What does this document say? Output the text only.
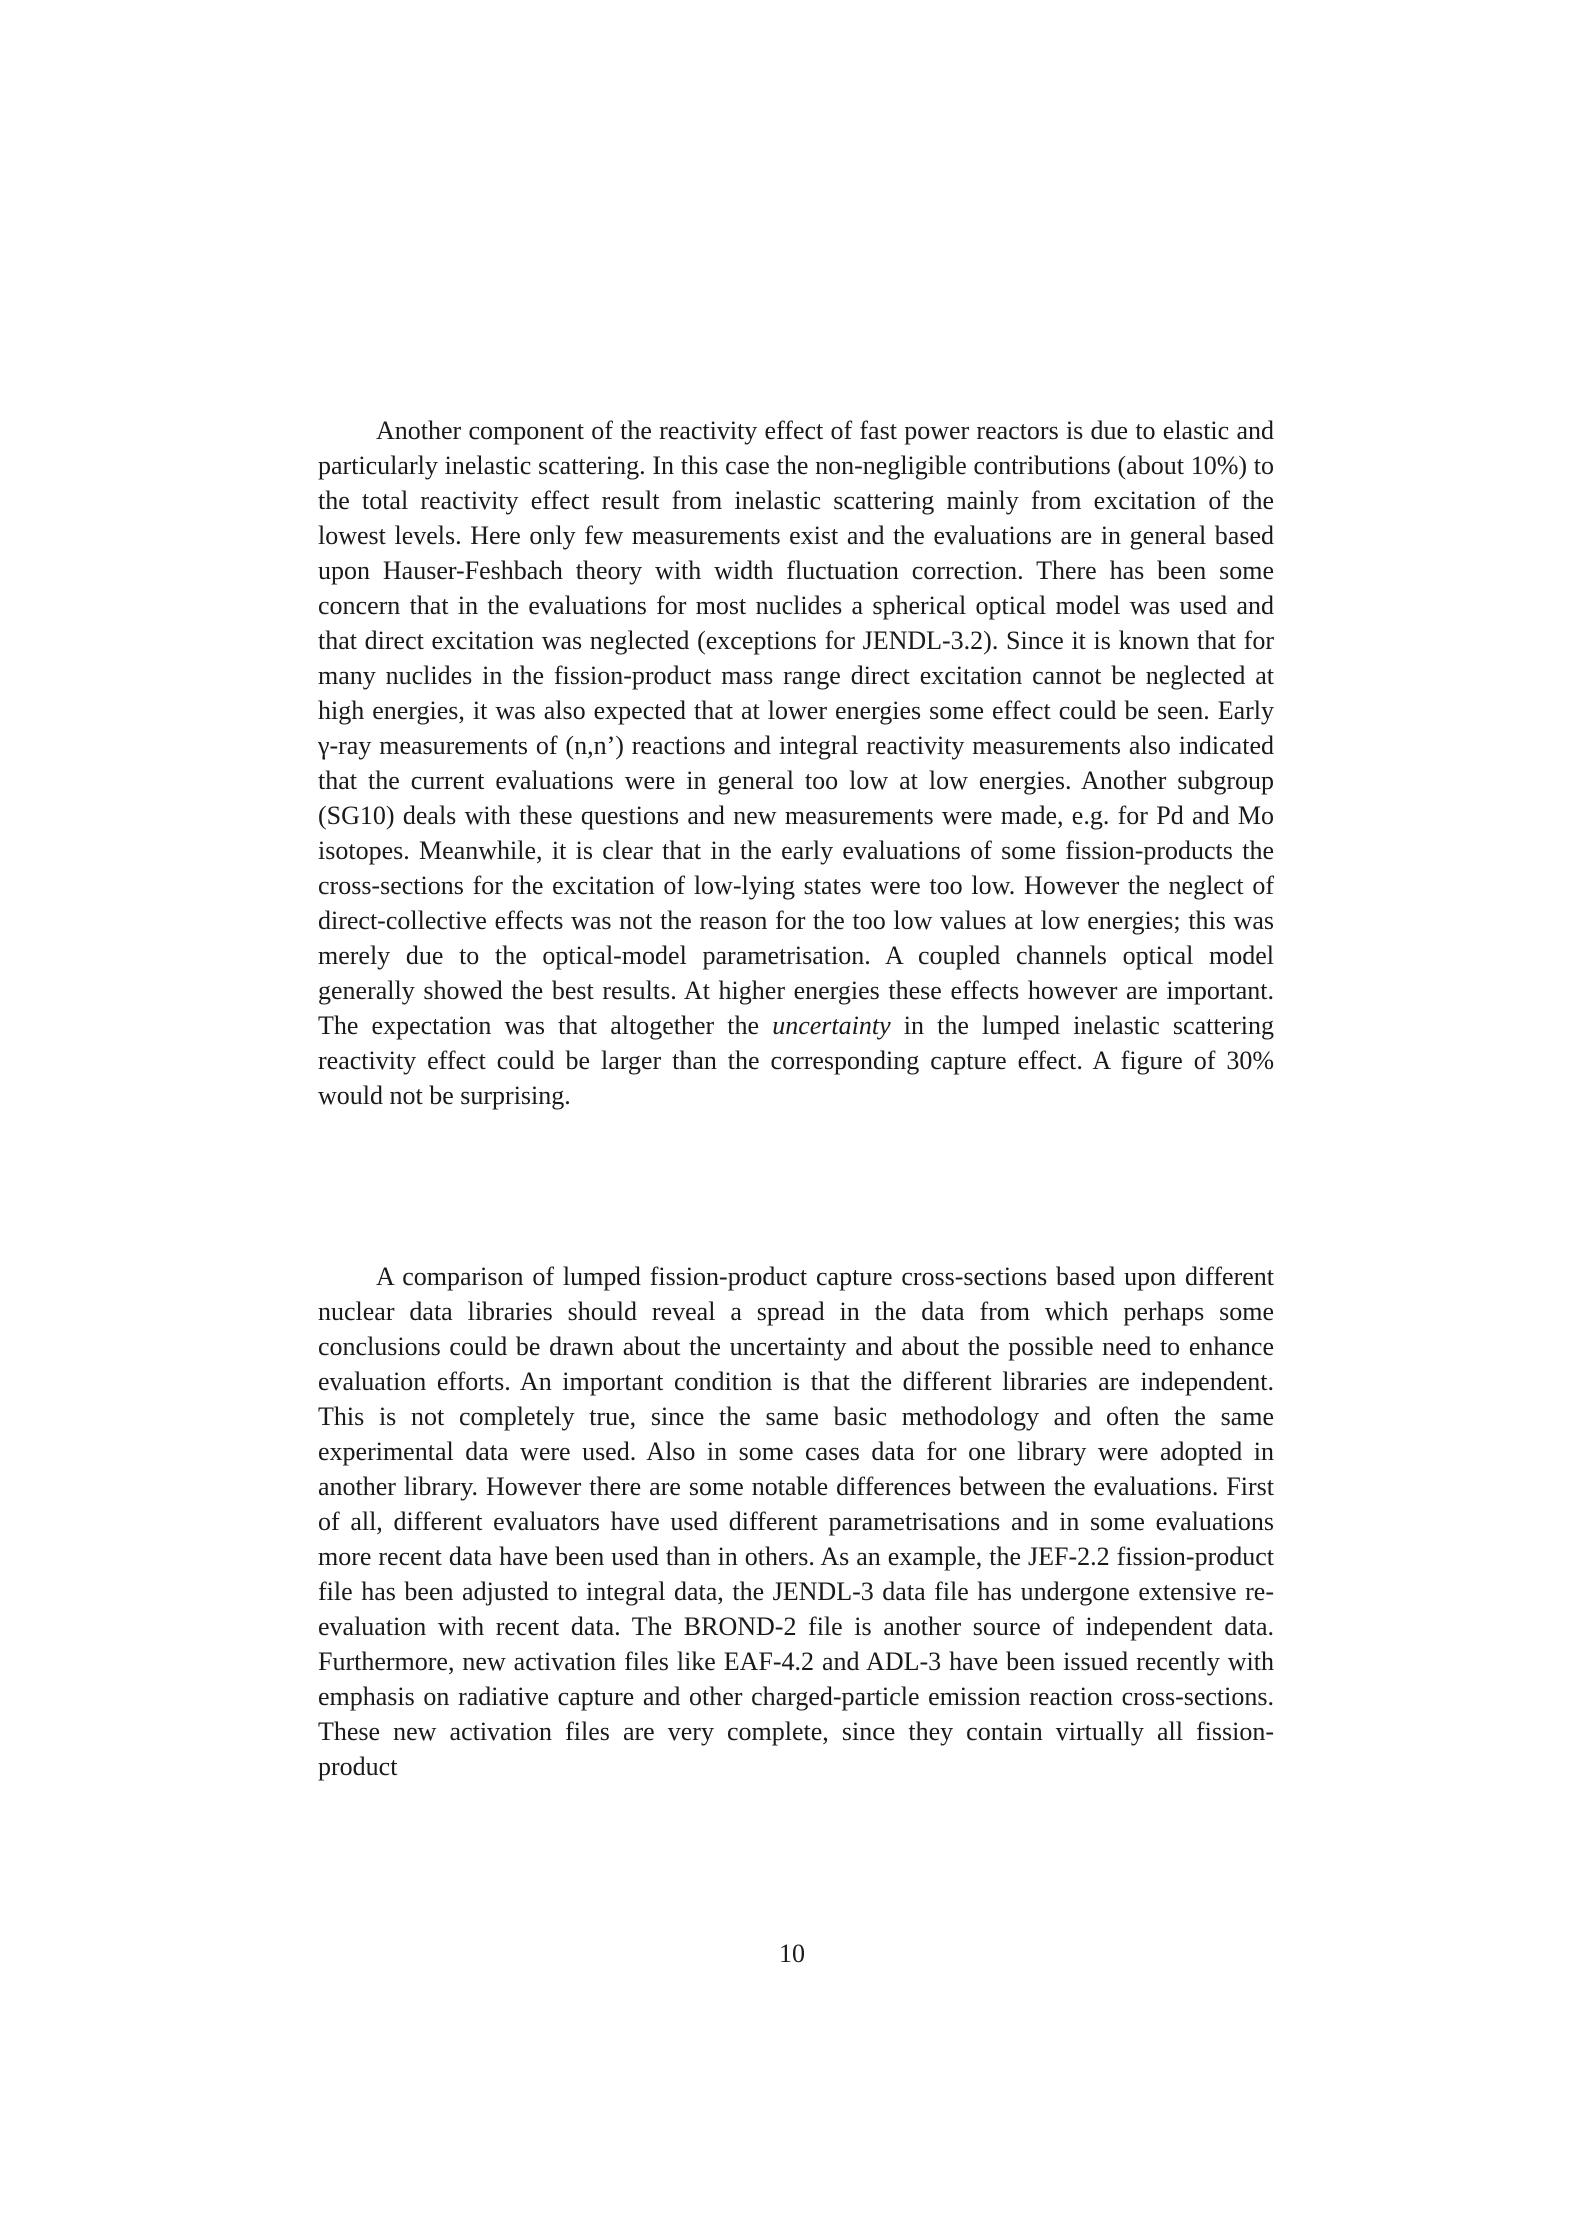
Another component of the reactivity effect of fast power reactors is due to elastic and particularly inelastic scattering. In this case the non-negligible contributions (about 10%) to the total reactivity effect result from inelastic scattering mainly from excitation of the lowest levels. Here only few measurements exist and the evaluations are in general based upon Hauser-Feshbach theory with width fluctuation correction. There has been some concern that in the evaluations for most nuclides a spherical optical model was used and that direct excitation was neglected (exceptions for JENDL-3.2). Since it is known that for many nuclides in the fission-product mass range direct excitation cannot be neglected at high energies, it was also expected that at lower energies some effect could be seen. Early γ-ray measurements of (n,n’) reactions and integral reactivity measurements also indicated that the current evaluations were in general too low at low energies. Another subgroup (SG10) deals with these questions and new measurements were made, e.g. for Pd and Mo isotopes. Meanwhile, it is clear that in the early evaluations of some fission-products the cross-sections for the excitation of low-lying states were too low. However the neglect of direct-collective effects was not the reason for the too low values at low energies; this was merely due to the optical-model parametrisation. A coupled channels optical model generally showed the best results. At higher energies these effects however are important. The expectation was that altogether the uncertainty in the lumped inelastic scattering reactivity effect could be larger than the corresponding capture effect. A figure of 30% would not be surprising.

A comparison of lumped fission-product capture cross-sections based upon different nuclear data libraries should reveal a spread in the data from which perhaps some conclusions could be drawn about the uncertainty and about the possible need to enhance evaluation efforts. An important condition is that the different libraries are independent. This is not completely true, since the same basic methodology and often the same experimental data were used. Also in some cases data for one library were adopted in another library. However there are some notable differences between the evaluations. First of all, different evaluators have used different parametrisations and in some evaluations more recent data have been used than in others. As an example, the JEF-2.2 fission-product file has been adjusted to integral data, the JENDL-3 data file has undergone extensive re-evaluation with recent data. The BROND-2 file is another source of independent data. Furthermore, new activation files like EAF-4.2 and ADL-3 have been issued recently with emphasis on radiative capture and other charged-particle emission reaction cross-sections. These new activation files are very complete, since they contain virtually all fission-product

10
